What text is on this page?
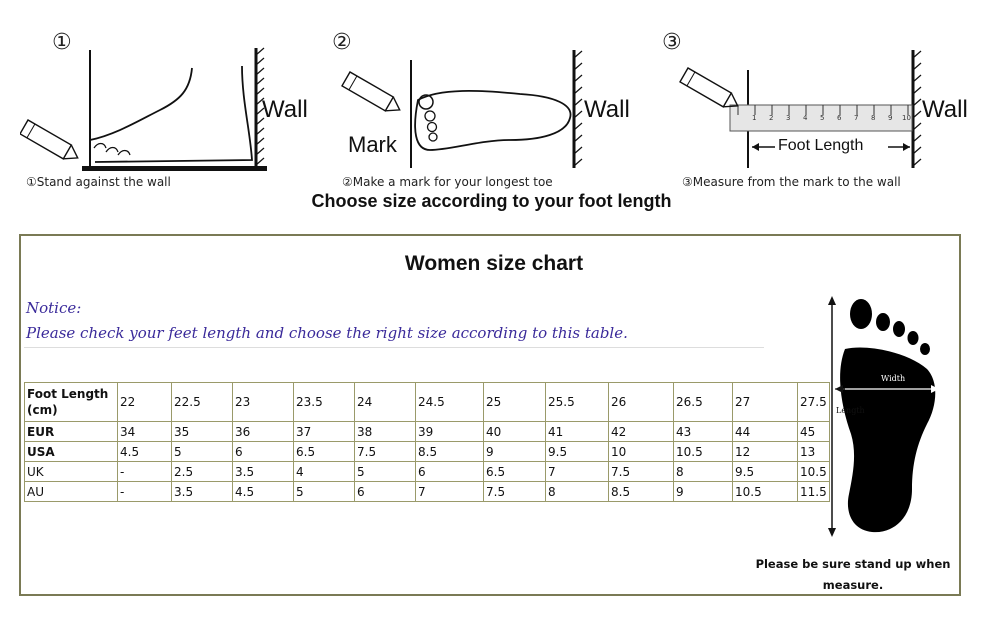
①
Wall
①Stand against the wall
②
Mark
Wall
②Make a mark for your longest toe
③
1 2 3 4 5 6 7 8 9 10
Foot Length
Wall
③Measure from the mark to the wall
Choose size according to your foot length
Women size chart
Notice:
Please check your feet length and choose the right size according to this table.
Foot Length (cm)	22	22.5	23	23.5	24	24.5	25	25.5	26	26.5	27	27.5
EUR	34	35	36	37	38	39	40	41	42	43	44	45
USA	4.5	5	6	6.5	7.5	8.5	9	9.5	10	10.5	12	13
UK	-	2.5	3.5	4	5	6	6.5	7	7.5	8	9.5	10.5
AU	-	3.5	4.5	5	6	7	7.5	8	8.5	9	10.5	11.5
Width
Length
Please be sure stand up when measure.
